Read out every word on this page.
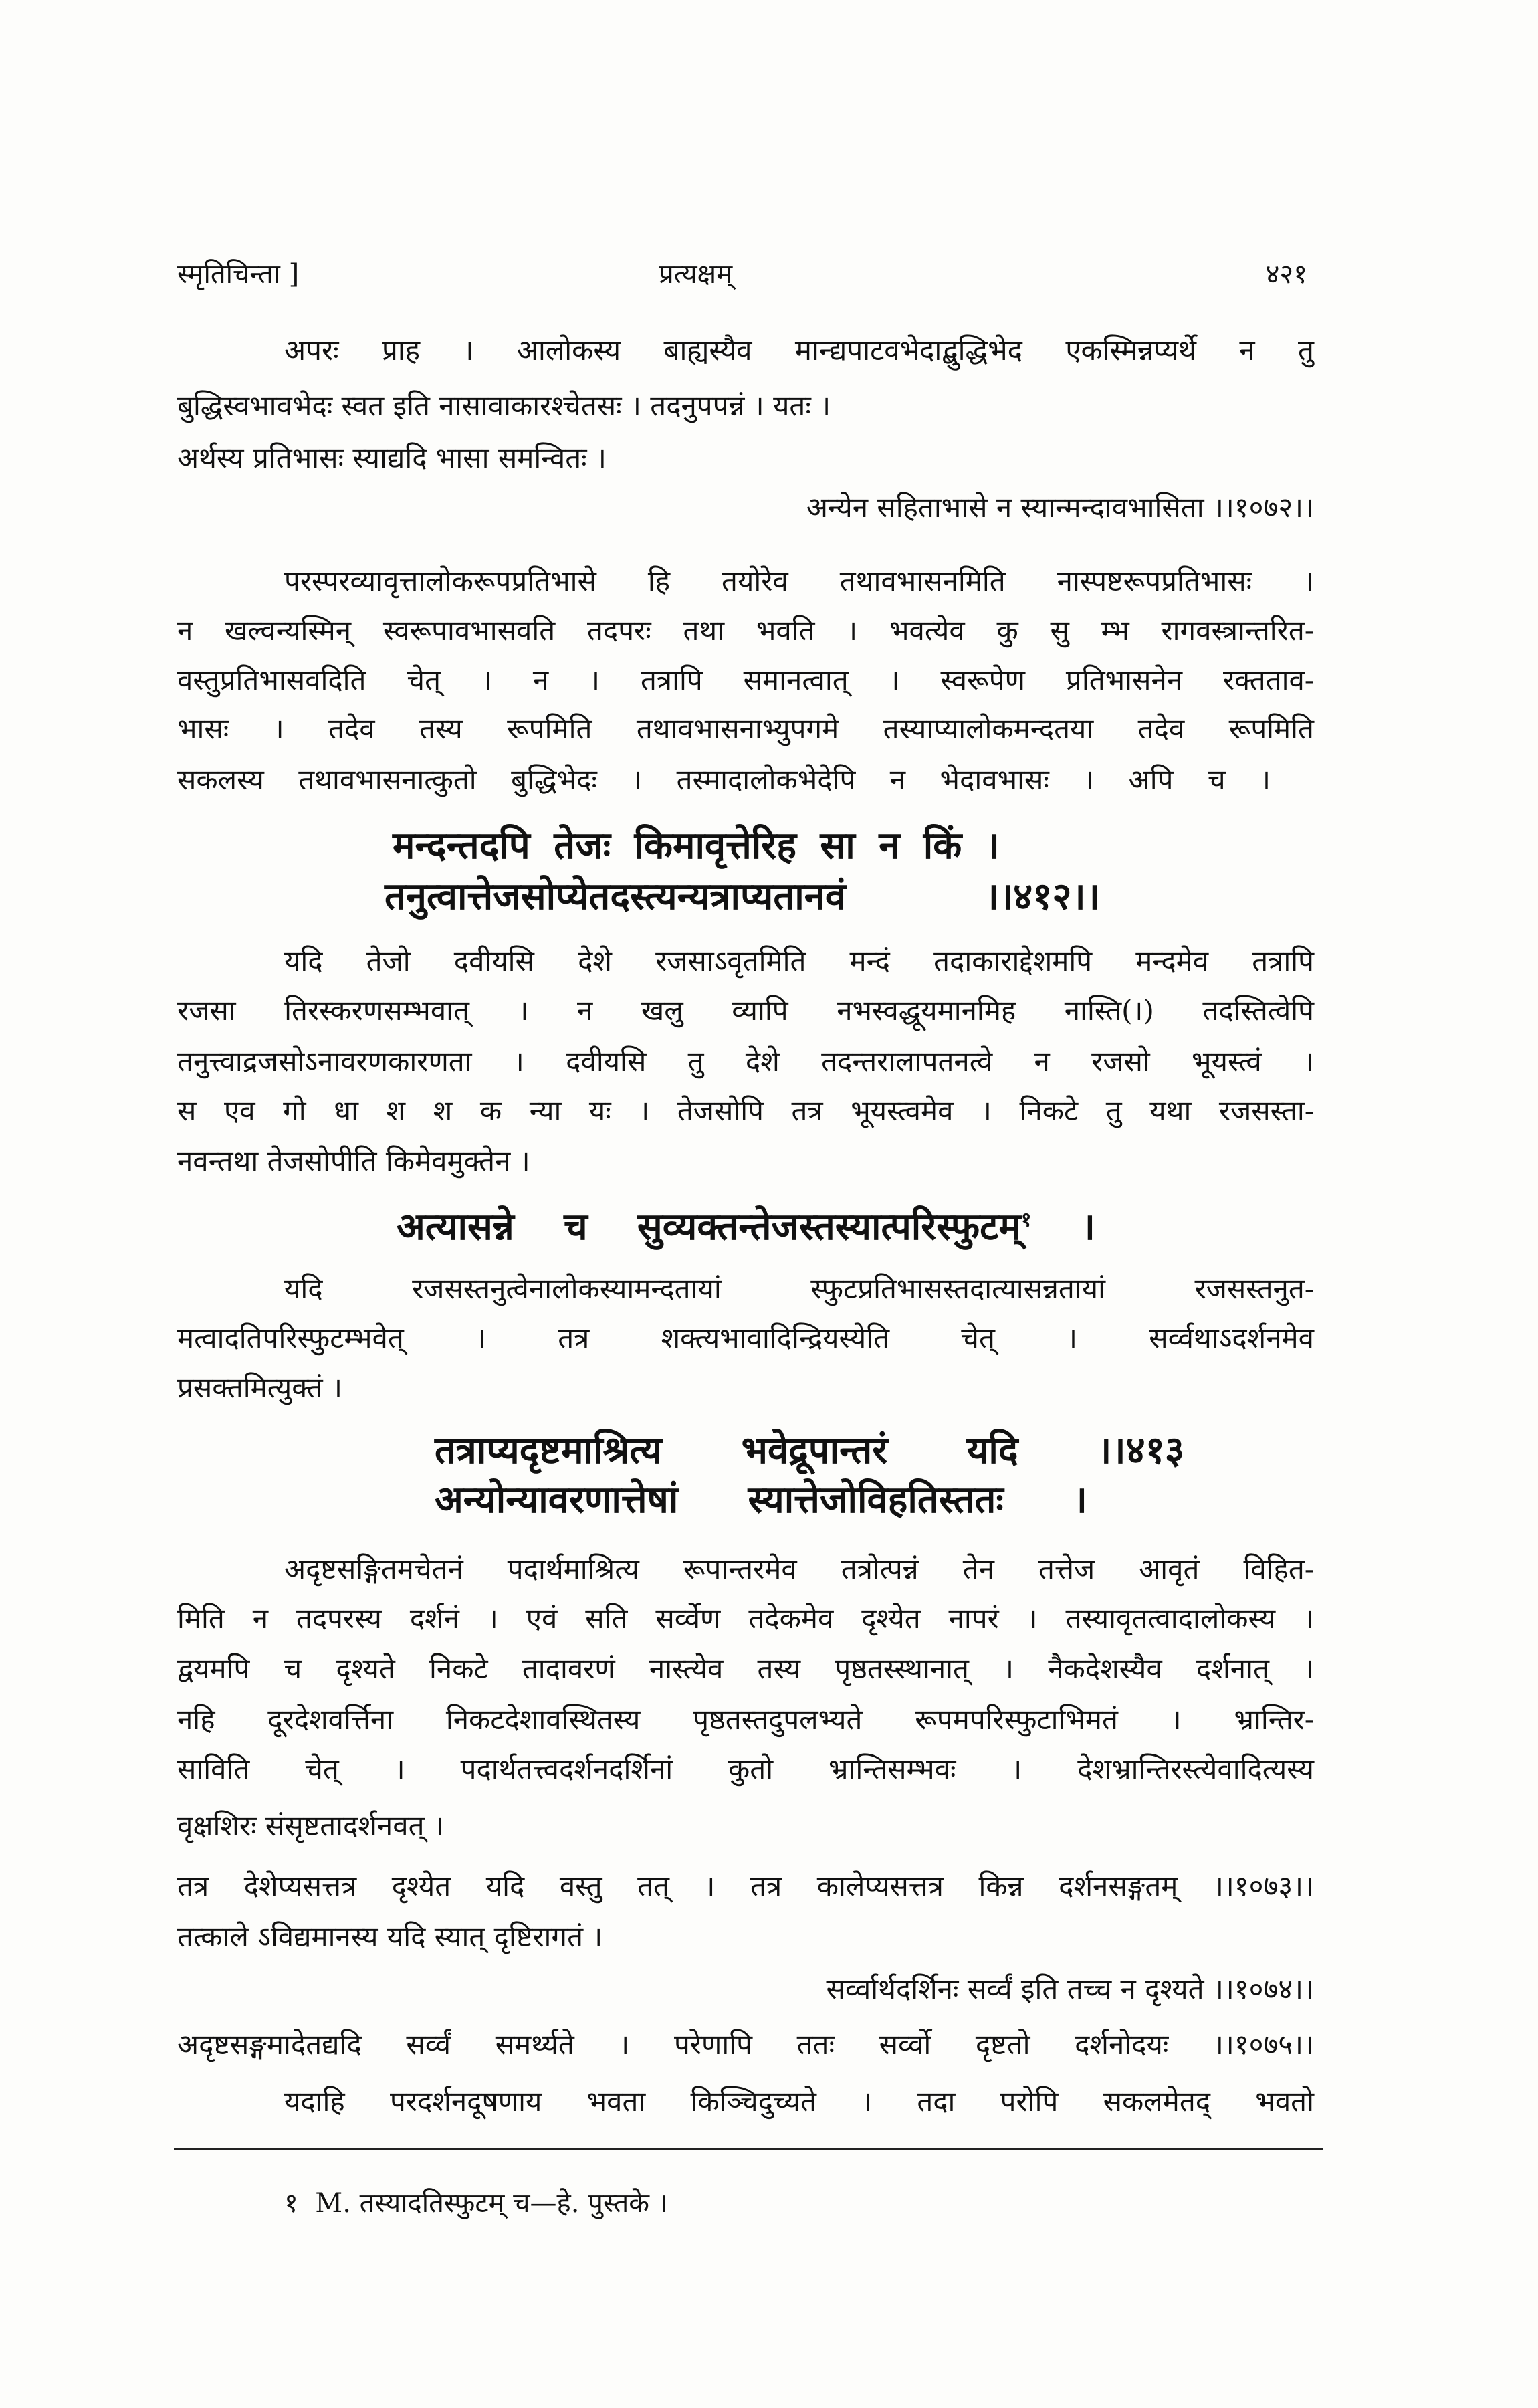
स्मृतिचिन्ता ]	प्रत्यक्षम्	४२१
अपरः प्राह । आलोकस्य बाह्यस्यैव मान्द्यपाटवभेदाद्बुद्धिभेद एकस्मिन्नप्यर्थे न तु
बुद्धिस्वभावभेदः स्वत इति नासावाकारश्चेतसः । तदनुपपन्नं । यतः ।
अर्थस्य प्रतिभासः स्याद्यदि भासा समन्वितः ।
अन्येन सहिताभासे न स्यान्मन्दावभासिता ।।१०७२।।
परस्परव्यावृत्तालोकरूपप्रतिभासे हि तयोरेव तथावभासनमिति नास्पष्टरूपप्रतिभासः ।
न खल्वन्यस्मिन् स्वरूपावभासवति तदपरः तथा भवति । भवत्येव कु सु म्भ रागवस्त्रान्तरित-
वस्तुप्रतिभासवदिति चेत् । न । तत्रापि समानत्वात् । स्वरूपेण प्रतिभासनेन रक्तताव-
भासः । तदेव तस्य रूपमिति तथावभासनाभ्युपगमे तस्याप्यालोकमन्दतया तदेव रूपमिति
सकलस्य तथावभासनात्कुतो बुद्धिभेदः । तस्मादालोकभेदेपि न भेदावभासः । अपि च ।
मन्दन्तदपि तेजः किमावृत्तेरिह सा न किं ।
तनुत्वात्तेजसोप्येतदस्त्यन्यत्राप्यतानवं ।।४१२।।
यदि तेजो दवीयसि देशे रजसाऽवृतमिति मन्दं तदाकाराद्देशमपि मन्दमेव तत्रापि
रजसा तिरस्करणसम्भवात् । न खलु व्यापि नभस्वद्धूयमानमिह नास्ति(।) तदस्तित्वेपि
तनुत्त्वाद्रजसोऽनावरणकारणता । दवीयसि तु देशे तदन्तरालापतनत्वे न रजसो भूयस्त्वं ।
स एव गो धा श श क न्या यः । तेजसोपि तत्र भूयस्त्वमेव । निकटे तु यथा रजसस्ता-
नवन्तथा तेजसोपीति किमेवमुक्तेन ।
अत्यासन्ने च सुव्यक्तन्तेजस्तस्यात्परिस्फुटम्$^१$ ।
यदि रजसस्तनुत्वेनालोकस्यामन्दतायां स्फुटप्रतिभासस्तदात्यासन्नतायां रजसस्तनुत-
मत्वादतिपरिस्फुटम्भवेत् । तत्र शक्त्यभावादिन्द्रियस्येति चेत् । सर्व्वथाऽदर्शनमेव
प्रसक्तमित्युक्तं ।
तत्राप्यदृष्टमाश्रित्य भवेद्रूपान्तरं यदि ।।४१३
अन्योन्यावरणात्तेषां स्यात्तेजोविहतिस्ततः ।
अदृष्टसङ्गितमचेतनं पदार्थमाश्रित्य रूपान्तरमेव तत्रोत्पन्नं तेन तत्तेज आवृतं विहित-
मिति न तदपरस्य दर्शनं । एवं सति सर्व्वेण तदेकमेव दृश्येत नापरं । तस्यावृतत्वादालोकस्य ।
द्वयमपि च दृश्यते निकटे तादावरणं नास्त्येव तस्य पृष्ठतस्स्थानात् । नैकदेशस्यैव दर्शनात् ।
नहि दूरदेशवर्त्तिना निकटदेशावस्थितस्य पृष्ठतस्तदुपलभ्यते रूपमपरिस्फुटाभिमतं । भ्रान्तिर-
साविति चेत् । पदार्थतत्त्वदर्शनदर्शिनां कुतो भ्रान्तिसम्भवः । देशभ्रान्तिरस्त्येवादित्यस्य
वृक्षशिरः संसृष्टतादर्शनवत् ।
तत्र देशेप्यसत्तत्र दृश्येत यदि वस्तु तत् । तत्र कालेप्यसत्तत्र किन्न दर्शनसङ्गतम् ।।१०७३।।
तत्काले ऽविद्यमानस्य यदि स्यात् दृष्टिरागतं ।
सर्व्वार्थदर्शिनः सर्व्वं इति तच्च न दृश्यते ।।१०७४।।
अदृष्टसङ्गमादेतद्यदि सर्व्वं समर्थ्यते । परेणापि ततः सर्व्वो दृष्टतो दर्शनोदयः ।।१०७५।।
यदाहि परदर्शनदूषणाय भवता किञ्चिदुच्यते । तदा परोपि सकलमेतद् भवतो
१ M. तस्यादतिस्फुटम् च—हे. पुस्तके ।
